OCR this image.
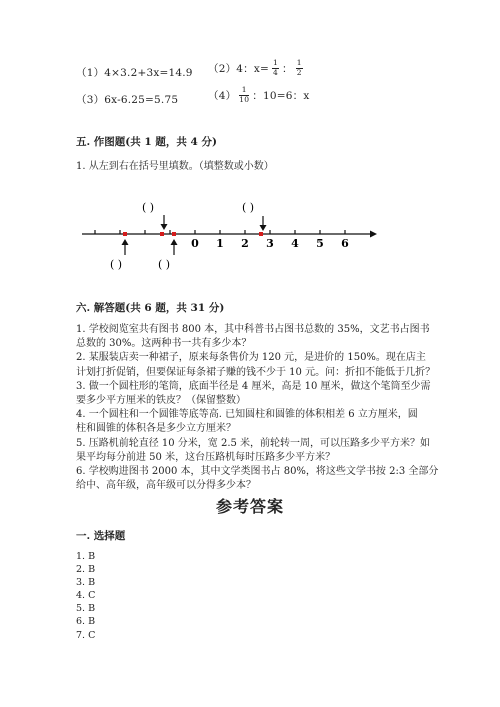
（1）4×3.2+3x=14.9 （2）4：$x= \frac{1}{4}$ ： $\frac{1}{2}$
（3）6x-6.25=5.75	$(4) \frac{1}{10}$ ：10=6：x
五. 作图题(共 1 题，共 4 分)
1. 从左到右在括号里填数。（填整数或小数）
( )	( )
0 1 2 3 4 5 6
( )	( )
六. 解答题(共 6 题，共 31 分)
1. 学校阅览室共有图书 800 本，其中科普书占图书总数的 35%，文艺书占图书
总数的 30%。这两种书一共有多少本？
2. 某服装店卖一种裙子，原来每条售价为 120 元，是进价的 150%。现在店主
计划打折促销，但要保证每条裙子赚的钱不少于 10 元。问：折扣不能低于几折？
3. 做一个圆柱形的笔筒，底面半径是 4 厘米，高是 10 厘米，做这个笔筒至少需
要多少平方厘米的铁皮？（保留整数）
4. 一个圆柱和一个圆锥等底等高. 已知圆柱和圆锥的体积相差 6 立方厘米，圆
柱和圆锥的体积各是多少立方厘米？
5. 压路机前轮直径 10 分米，宽 2.5 米，前轮转一周，可以压路多少平方米？如
果平均每分前进 50 米，这台压路机每时压路多少平方米？
6. 学校购进图书 2000 本，其中文学类图书占 80%，将这些文学书按 2:3 全部分
给中、高年级，高年级可以分得多少本？
参考答案
一. 选择题
1. B
2. B
3. B
4. C
5. B
6. B
7. C
